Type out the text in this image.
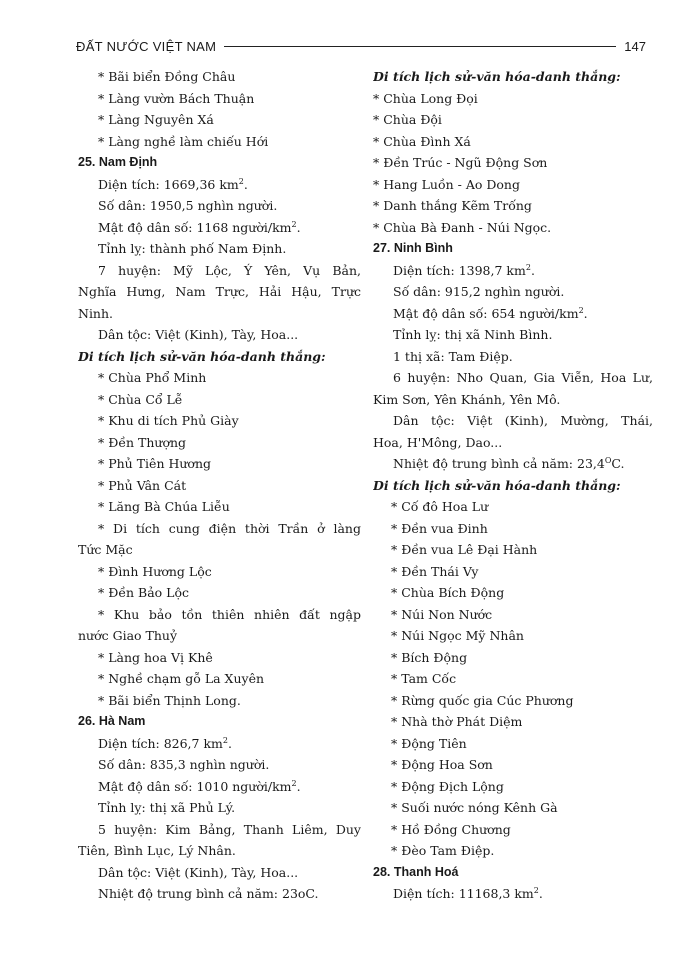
ĐẤT NƯỚC VIỆT NAM	147
* Bãi biển Đồng Châu
* Làng vườn Bách Thuận
* Làng Nguyên Xá
* Làng nghề làm chiếu Hới
25. Nam Định
Diện tích: 1669,36 $km^2$.
Số dân: 1950,5 nghìn người.
Mật độ dân số: 1168 người/$km^2$.
Tỉnh lỵ: thành phố Nam Định.
7 huyện: Mỹ Lộc, Ý Yên, Vụ Bản,
Nghĩa Hưng, Nam Trực, Hải Hậu, Trực
Ninh.
Dân tộc: Việt (Kinh), Tày, Hoa...
Di tích lịch sử-văn hóa-danh thắng:
* Chùa Phổ Minh
* Chùa Cổ Lễ
* Khu di tích Phủ Giày
* Đền Thượng
* Phủ Tiên Hương
* Phủ Vân Cát
* Lăng Bà Chúa Liễu
* Di tích cung điện thời Trần ở làng
Tức Mặc
* Đình Hương Lộc
* Đền Bảo Lộc
* Khu bảo tồn thiên nhiên đất ngập
nước Giao Thuỷ
* Làng hoa Vị Khê
* Nghề chạm gỗ La Xuyên
* Bãi biển Thịnh Long.
26. Hà Nam
Diện tích: 826,7 $km^2$.
Số dân: 835,3 nghìn người.
Mật độ dân số: 1010 người/$km^2$.
Tỉnh lỵ: thị xã Phủ Lý.
5 huyện: Kim Bảng, Thanh Liêm, Duy
Tiên, Bình Lục, Lý Nhân.
Dân tộc: Việt (Kinh), Tày, Hoa...
Nhiệt độ trung bình cả năm: 23oC.
Di tích lịch sử-văn hóa-danh thắng:
* Chùa Long Đọi
* Chùa Đội
* Chùa Đình Xá
* Đền Trúc - Ngũ Động Sơn
* Hang Luồn - Ao Dong
* Danh thắng Kẽm Trống
* Chùa Bà Đanh - Núi Ngọc.
27. Ninh Bình
Diện tích: 1398,7 $km^2$.
Số dân: 915,2 nghìn người.
Mật độ dân số: 654 người/$km^2$.
Tỉnh lỵ: thị xã Ninh Bình.
1 thị xã: Tam Điệp.
6 huyện: Nho Quan, Gia Viễn, Hoa Lư,
Kim Sơn, Yên Khánh, Yên Mô.
Dân tộc: Việt (Kinh), Mường, Thái,
Hoa, H'Mông, Dao...
Nhiệt độ trung bình cả năm: $23,4^OC$.
Di tích lịch sử-văn hóa-danh thắng:
* Cố đô Hoa Lư
* Đền vua Đinh
* Đền vua Lê Đại Hành
* Đền Thái Vy
* Chùa Bích Động
* Núi Non Nước
* Núi Ngọc Mỹ Nhân
* Bích Động
* Tam Cốc
* Rừng quốc gia Cúc Phương
* Nhà thờ Phát Diệm
* Động Tiên
* Động Hoa Sơn
* Động Địch Lộng
* Suối nước nóng Kênh Gà
* Hồ Đồng Chương
* Đèo Tam Điệp.
28. Thanh Hoá
Diện tích: 11168,3 $km^2$.
